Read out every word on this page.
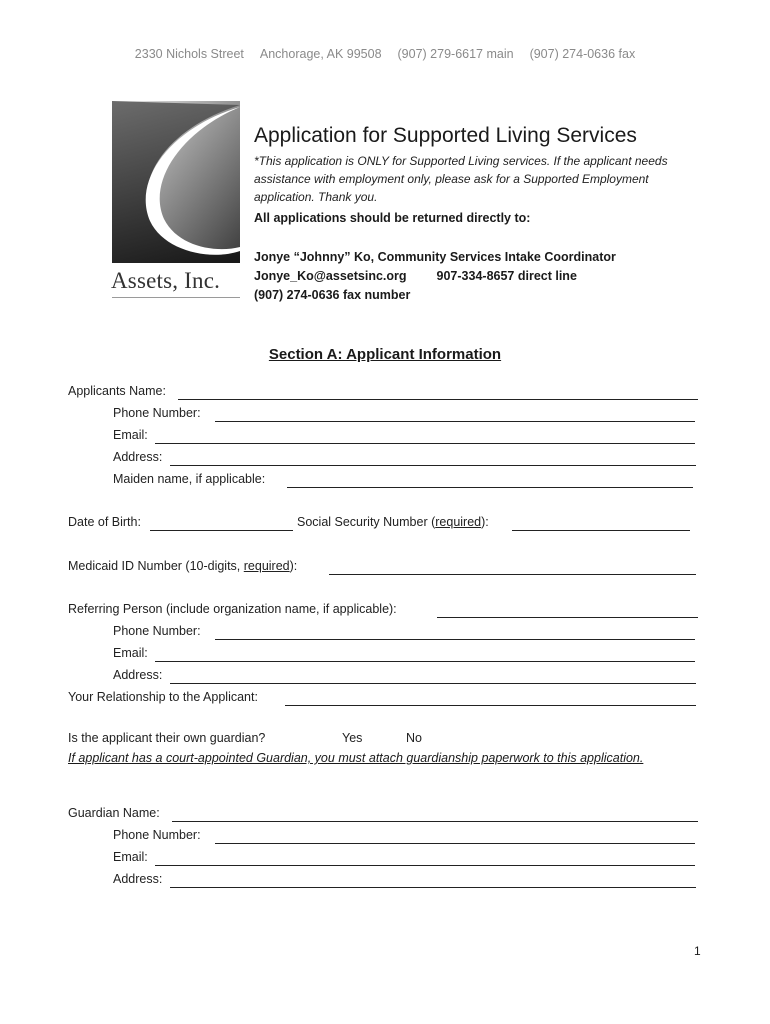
2330 Nichols Street Anchorage, AK 99508 (907) 279-6617 main (907) 274-0636 fax
Assets, Inc.
Application for Supported Living Services
*This application is ONLY for Supported Living services. If the applicant needs assistance with employment only, please ask for a Supported Employment application. Thank you.
All applications should be returned directly to:
Jonye “Johnny” Ko, Community Services Intake Coordinator
Jonye_Ko@assetsinc.org 907-334-8657 direct line
(907) 274-0636 fax number
Section A: Applicant Information
Applicants Name:
Phone Number:
Email:
Address:
Maiden name, if applicable:
Date of Birth:	Social Security Number (required):
Medicaid ID Number (10-digits, required):
Referring Person (include organization name, if applicable):
Phone Number:
Email:
Address:
Your Relationship to the Applicant:
Is the applicant their own guardian?	Yes	No
If applicant has a court-appointed Guardian, you must attach guardianship paperwork to this application.
Guardian Name:
Phone Number:
Email:
Address:
1
